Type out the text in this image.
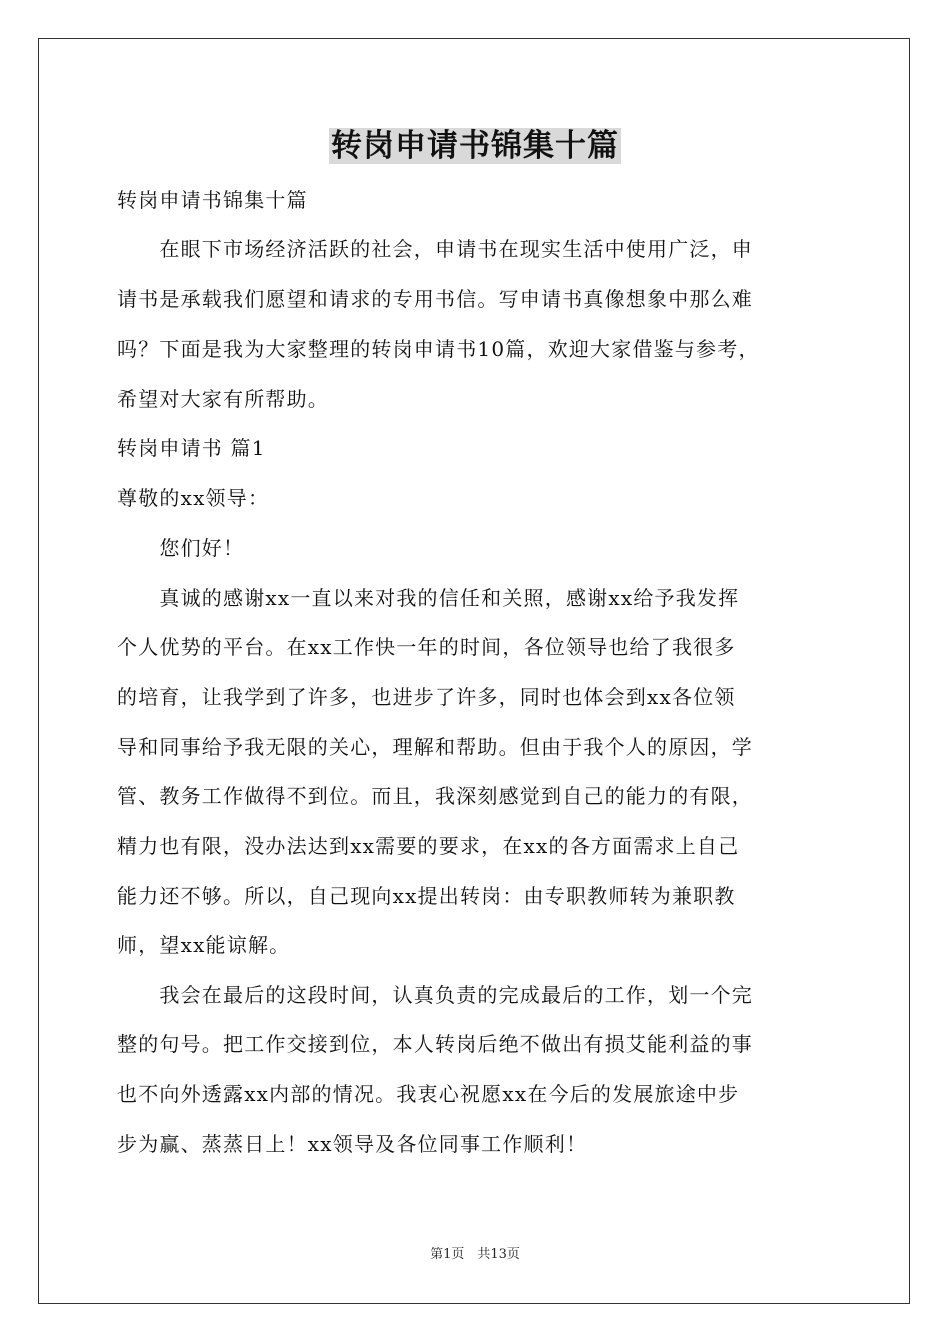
转岗申请书锦集十篇
转岗申请书锦集十篇
　　在眼下市场经济活跃的社会，申请书在现实生活中使用广泛，申
请书是承载我们愿望和请求的专用书信。写申请书真像想象中那么难
吗？下面是我为大家整理的转岗申请书10篇，欢迎大家借鉴与参考，
希望对大家有所帮助。
转岗申请书 篇1
尊敬的xx领导：
　　您们好！
　　真诚的感谢xx一直以来对我的信任和关照，感谢xx给予我发挥
个人优势的平台。在xx工作快一年的时间，各位领导也给了我很多
的培育，让我学到了许多，也进步了许多，同时也体会到xx各位领
导和同事给予我无限的关心，理解和帮助。但由于我个人的原因，学
管、教务工作做得不到位。而且，我深刻感觉到自己的能力的有限，
精力也有限，没办法达到xx需要的要求，在xx的各方面需求上自己
能力还不够。所以，自己现向xx提出转岗：由专职教师转为兼职教
师，望xx能谅解。
　　我会在最后的这段时间，认真负责的完成最后的工作，划一个完
整的句号。把工作交接到位，本人转岗后绝不做出有损艾能利益的事
也不向外透露xx内部的情况。我衷心祝愿xx在今后的发展旅途中步
步为赢、蒸蒸日上！xx领导及各位同事工作顺利！
第1页　共13页
